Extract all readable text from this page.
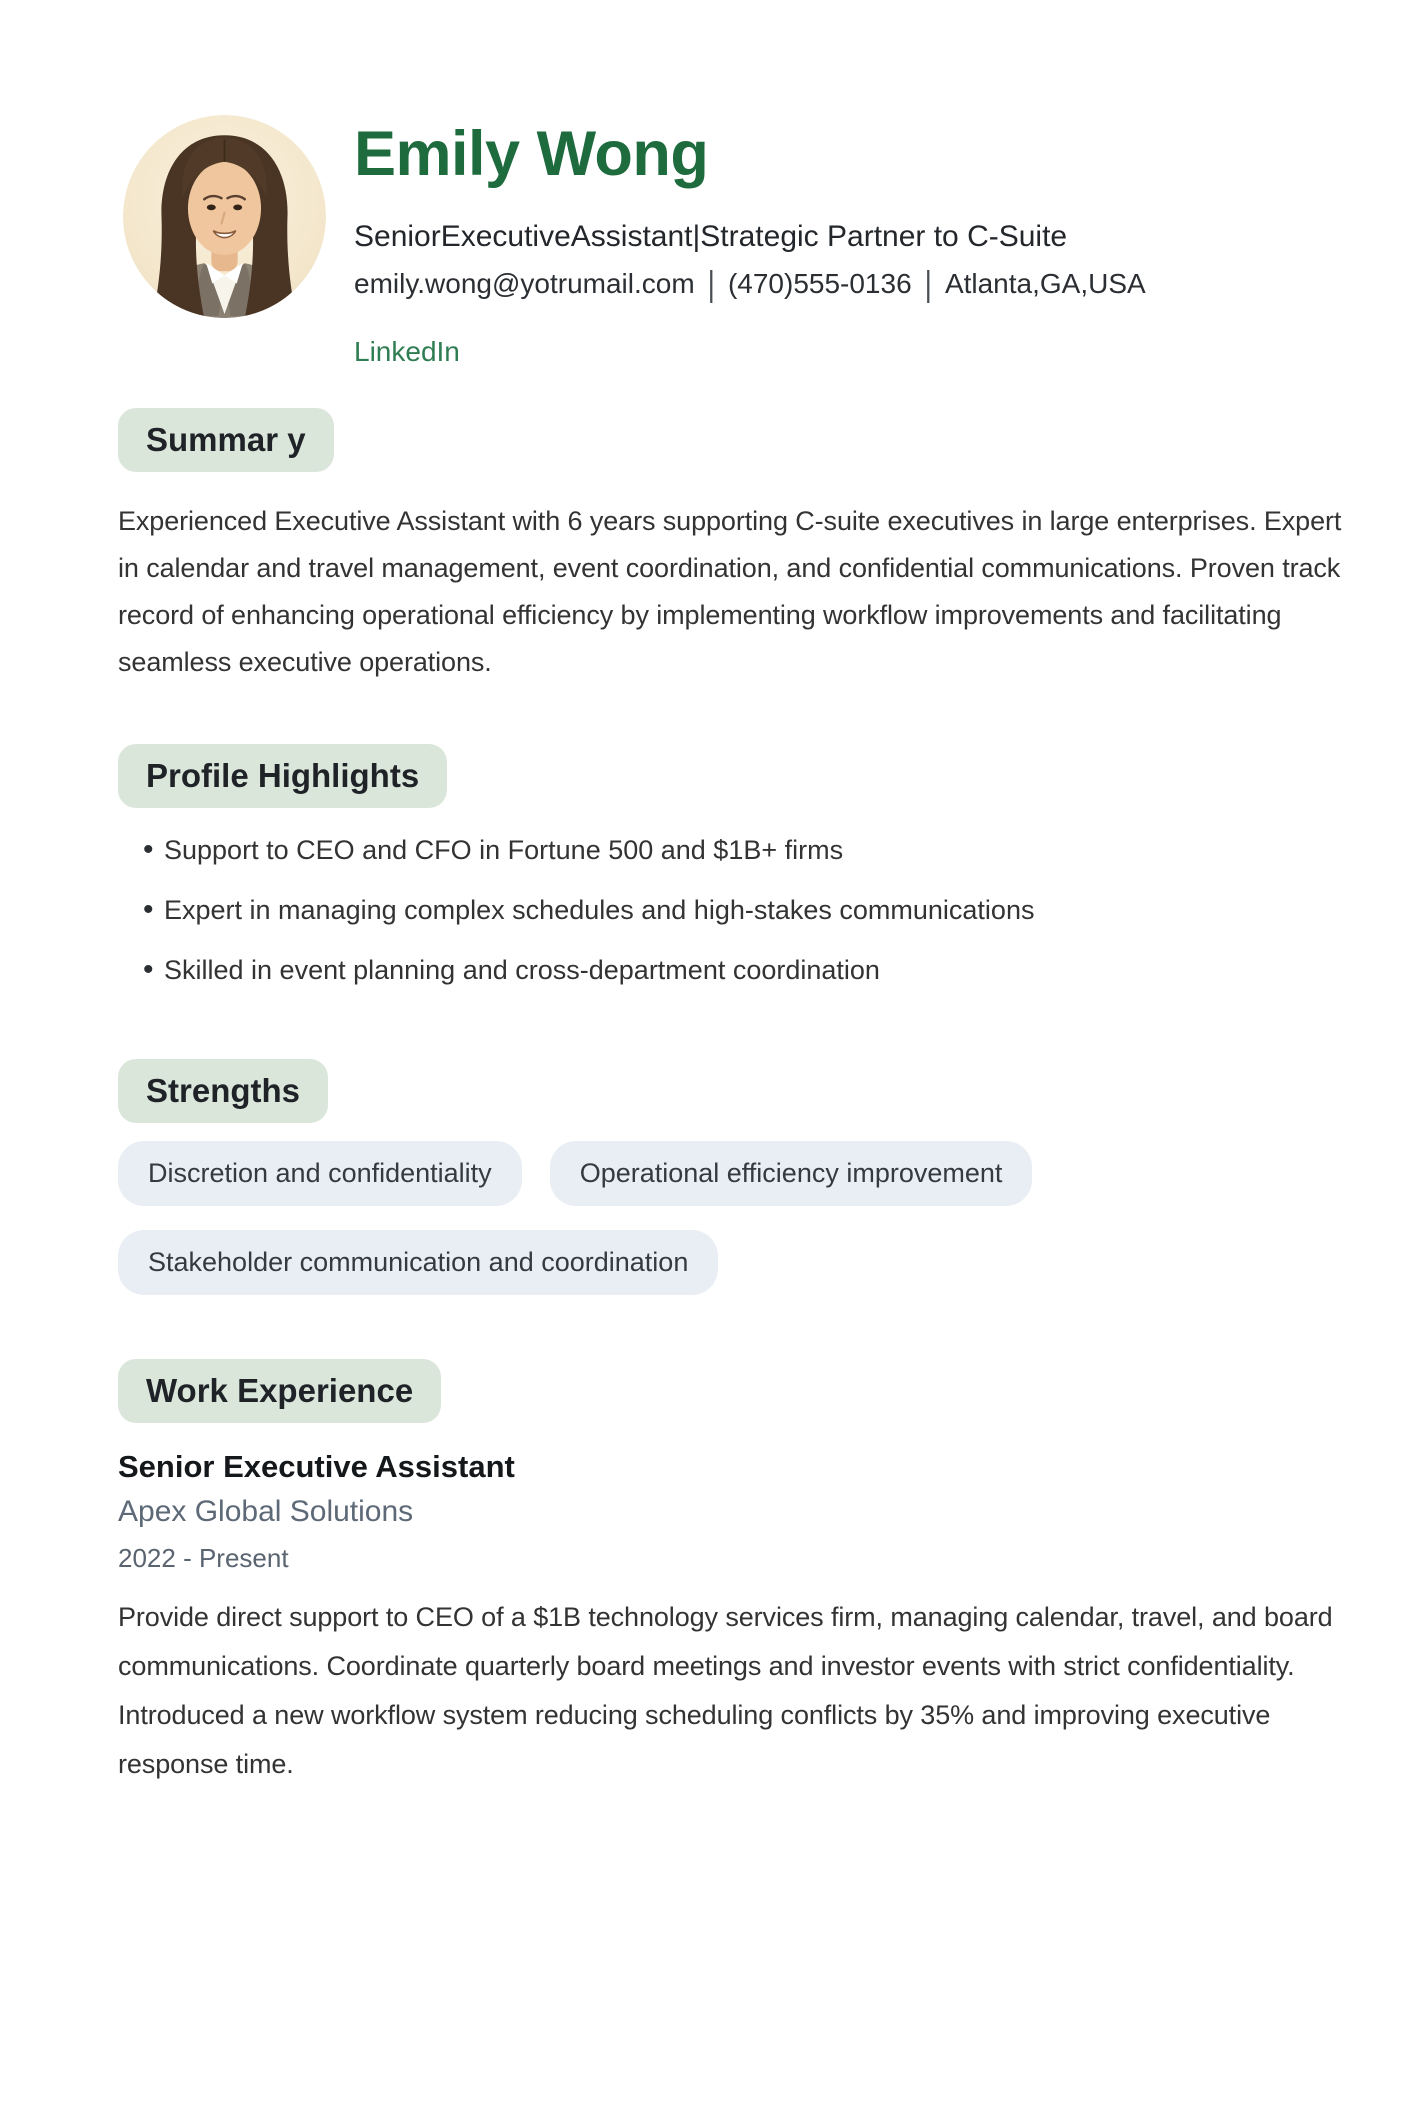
Emily Wong
SeniorExecutiveAssistant|Strategic Partner to C-Suite
emily.wong@yotrumail.com | (470)555-0136 | Atlanta,GA,USA
LinkedIn
Summar y

Experienced Executive Assistant with 6 years supporting C-suite executives in large enterprises. Expert in calendar and travel management, event coordination, and confidential communications. Proven track record of enhancing operational efficiency by implementing workflow improvements and facilitating seamless executive operations.

Profile Highlights
• Support to CEO and CFO in Fortune 500 and $1B+ firms
• Expert in managing complex schedules and high-stakes communications
• Skilled in event planning and cross-department coordination
Strengths
Discretion and confidentiality	Operational efficiency improvement
Stakeholder communication and coordination
Work Experience
Senior Executive Assistant
Apex Global Solutions
2022 - Present

Provide direct support to CEO of a $1B technology services firm, managing calendar, travel, and board communications. Coordinate quarterly board meetings and investor events with strict confidentiality. Introduced a new workflow system reducing scheduling conflicts by 35% and improving executive response time.
